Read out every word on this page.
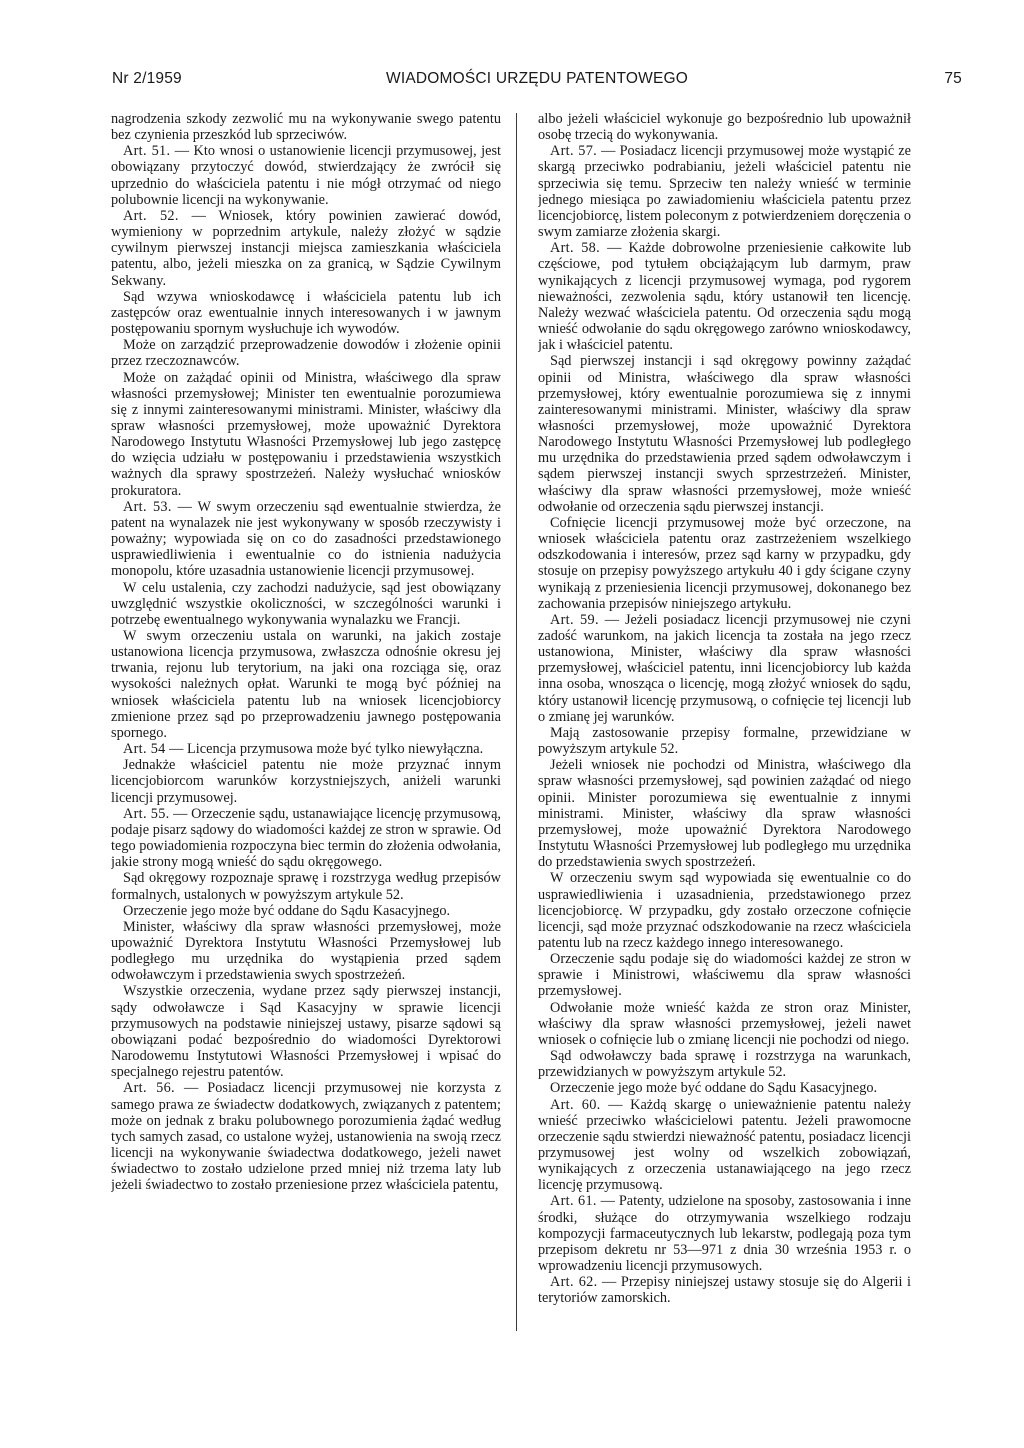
Nr 2/1959	WIADOMOŚCI URZĘDU PATENTOWEGO	75

nagrodzenia szkody zezwolić mu na wykonywanie swego patentu bez czynienia przeszkód lub sprzeciwów.

Art. 51. — Kto wnosi o ustanowienie licencji przymusowej, jest obowiązany przytoczyć dowód, stwierdzający że zwrócił się uprzednio do właściciela patentu i nie mógł otrzymać od niego polubownie licencji na wykonywanie.

Art. 52. — Wniosek, który powinien zawierać dowód, wymieniony w poprzednim artykule, należy złożyć w sądzie cywilnym pierwszej instancji miejsca zamieszkania właściciela patentu, albo, jeżeli mieszka on za granicą, w Sądzie Cywilnym Sekwany.

Sąd wzywa wnioskodawcę i właściciela patentu lub ich zastępców oraz ewentualnie innych interesowanych i w jawnym postępowaniu spornym wysłuchuje ich wywodów.

Może on zarządzić przeprowadzenie dowodów i złożenie opinii przez rzeczoznawców.

Może on zażądać opinii od Ministra, właściwego dla spraw własności przemysłowej; Minister ten ewentualnie porozumiewa się z innymi zainteresowanymi ministrami. Minister, właściwy dla spraw własności przemysłowej, może upoważnić Dyrektora Narodowego Instytutu Własności Przemysłowej lub jego zastępcę do wzięcia udziału w postępowaniu i przedstawienia wszystkich ważnych dla sprawy spostrzeżeń. Należy wysłuchać wniosków prokuratora.

Art. 53. — W swym orzeczeniu sąd ewentualnie stwierdza, że patent na wynalazek nie jest wykonywany w sposób rzeczywisty i poważny; wypowiada się on co do zasadności przedstawionego usprawiedliwienia i ewentualnie co do istnienia nadużycia monopolu, które uzasadnia ustanowienie licencji przymusowej.

W celu ustalenia, czy zachodzi nadużycie, sąd jest obowiązany uwzględnić wszystkie okoliczności, w szczególności warunki i potrzebę ewentualnego wykonywania wynalazku we Francji.

W swym orzeczeniu ustala on warunki, na jakich zostaje ustanowiona licencja przymusowa, zwłaszcza odnośnie okresu jej trwania, rejonu lub terytorium, na jaki ona rozciąga się, oraz wysokości należnych opłat. Warunki te mogą być później na wniosek właściciela patentu lub na wniosek licencjobiorcy zmienione przez sąd po przeprowadzeniu jawnego postępowania spornego.

Art. 54 — Licencja przymusowa może być tylko niewyłączna.

Jednakże właściciel patentu nie może przyznać innym licencjobiorcom warunków korzystniejszych, aniżeli warunki licencji przymusowej.

Art. 55. — Orzeczenie sądu, ustanawiające licencję przymusową, podaje pisarz sądowy do wiadomości każdej ze stron w sprawie. Od tego powiadomienia rozpoczyna biec termin do złożenia odwołania, jakie strony mogą wnieść do sądu okręgowego.

Sąd okręgowy rozpoznaje sprawę i rozstrzyga według przepisów formalnych, ustalonych w powyższym artykule 52.

Orzeczenie jego może być oddane do Sądu Kasacyjnego.

Minister, właściwy dla spraw własności przemysłowej, może upoważnić Dyrektora Instytutu Własności Przemysłowej lub podległego mu urzędnika do wystąpienia przed sądem odwoławczym i przedstawienia swych spostrzeżeń.

Wszystkie orzeczenia, wydane przez sądy pierwszej instancji, sądy odwoławcze i Sąd Kasacyjny w sprawie licencji przymusowych na podstawie niniejszej ustawy, pisarze sądowi są obowiązani podać bezpośrednio do wiadomości Dyrektorowi Narodowemu Instytutowi Własności Przemysłowej i wpisać do specjalnego rejestru patentów.

Art. 56. — Posiadacz licencji przymusowej nie korzysta z samego prawa ze świadectw dodatkowych, związanych z patentem; może on jednak z braku polubownego porozumienia żądać według tych samych zasad, co ustalone wyżej, ustanowienia na swoją rzecz licencji na wykonywanie świadectwa dodatkowego, jeżeli nawet świadectwo to zostało udzielone przed mniej niż trzema laty lub jeżeli świadectwo to zostało przeniesione przez właściciela patentu,

albo jeżeli właściciel wykonuje go bezpośrednio lub upoważnił osobę trzecią do wykonywania.

Art. 57. — Posiadacz licencji przymusowej może wystąpić ze skargą przeciwko podrabianiu, jeżeli właściciel patentu nie sprzeciwia się temu. Sprzeciw ten należy wnieść w terminie jednego miesiąca po zawiadomieniu właściciela patentu przez licencjobiorcę, listem poleconym z potwierdzeniem doręczenia o swym zamiarze złożenia skargi.

Art. 58. — Każde dobrowolne przeniesienie całkowite lub częściowe, pod tytułem obciążającym lub darmym, praw wynikających z licencji przymusowej wymaga, pod rygorem nieważności, zezwolenia sądu, który ustanowił ten licencję. Należy wezwać właściciela patentu. Od orzeczenia sądu mogą wnieść odwołanie do sądu okręgowego zarówno wnioskodawcy, jak i właściciel patentu.

Sąd pierwszej instancji i sąd okręgowy powinny zażądać opinii od Ministra, właściwego dla spraw własności przemysłowej, który ewentualnie porozumiewa się z innymi zainteresowanymi ministrami. Minister, właściwy dla spraw własności przemysłowej, może upoważnić Dyrektora Narodowego Instytutu Własności Przemysłowej lub podległego mu urzędnika do przedstawienia przed sądem odwoławczym i sądem pierwszej instancji swych sprzestrzeżeń. Minister, właściwy dla spraw własności przemysłowej, może wnieść odwołanie od orzeczenia sądu pierwszej instancji.

Cofnięcie licencji przymusowej może być orzeczone, na wniosek właściciela patentu oraz zastrzeżeniem wszelkiego odszkodowania i interesów, przez sąd karny w przypadku, gdy stosuje on przepisy powyższego artykułu 40 i gdy ścigane czyny wynikają z przeniesienia licencji przymusowej, dokonanego bez zachowania przepisów niniejszego artykułu.

Art. 59. — Jeżeli posiadacz licencji przymusowej nie czyni zadość warunkom, na jakich licencja ta została na jego rzecz ustanowiona, Minister, właściwy dla spraw własności przemysłowej, właściciel patentu, inni licencjobiorcy lub każda inna osoba, wnosząca o licencję, mogą złożyć wniosek do sądu, który ustanowił licencję przymusową, o cofnięcie tej licencji lub o zmianę jej warunków.

Mają zastosowanie przepisy formalne, przewidziane w powyższym artykule 52.

Jeżeli wniosek nie pochodzi od Ministra, właściwego dla spraw własności przemysłowej, sąd powinien zażądać od niego opinii. Minister porozumiewa się ewentualnie z innymi ministrami. Minister, właściwy dla spraw własności przemysłowej, może upoważnić Dyrektora Narodowego Instytutu Własności Przemysłowej lub podległego mu urzędnika do przedstawienia swych spostrzeżeń.

W orzeczeniu swym sąd wypowiada się ewentualnie co do usprawiedliwienia i uzasadnienia, przedstawionego przez licencjobiorcę. W przypadku, gdy zostało orzeczone cofnięcie licencji, sąd może przyznać odszkodowanie na rzecz właściciela patentu lub na rzecz każdego innego interesowanego.

Orzeczenie sądu podaje się do wiadomości każdej ze stron w sprawie i Ministrowi, właściwemu dla spraw własności przemysłowej.

Odwołanie może wnieść każda ze stron oraz Minister, właściwy dla spraw własności przemysłowej, jeżeli nawet wniosek o cofnięcie lub o zmianę licencji nie pochodzi od niego.

Sąd odwoławczy bada sprawę i rozstrzyga na warunkach, przewidzianych w powyższym artykule 52.

Orzeczenie jego może być oddane do Sądu Kasacyjnego.

Art. 60. — Każdą skargę o unieważnienie patentu należy wnieść przeciwko właścicielowi patentu. Jeżeli prawomocne orzeczenie sądu stwierdzi nieważność patentu, posiadacz licencji przymusowej jest wolny od wszelkich zobowiązań, wynikających z orzeczenia ustanawiającego na jego rzecz licencję przymusową.

Art. 61. — Patenty, udzielone na sposoby, zastosowania i inne środki, służące do otrzymywania wszelkiego rodzaju kompozycji farmaceutycznych lub lekarstw, podlegają poza tym przepisom dekretu nr 53—971 z dnia 30 września 1953 r. o wprowadzeniu licencji przymusowych.

Art. 62. — Przepisy niniejszej ustawy stosuje się do Algerii i terytoriów zamorskich.
